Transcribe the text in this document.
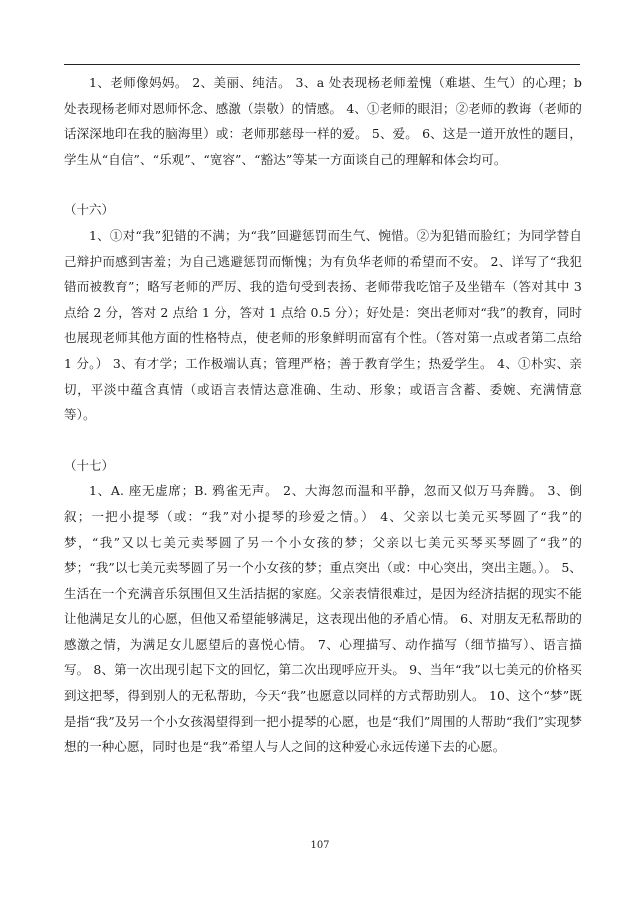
1、老师像妈妈。 2、美丽、纯洁。 3、a 处表现杨老师羞愧（难堪、生气）的心理；b 处表现杨老师对恩师怀念、感激（崇敬）的情感。 4、①老师的眼泪；②老师的教诲（老师的话深深地印在我的脑海里）或：老师那慈母一样的爱。 5、爱。 6、这是一道开放性的题目，学生从“自信”、“乐观”、“宽容”、“豁达”等某一方面谈自己的理解和体会均可。

（十六）

1、①对“我”犯错的不满；为“我”回避惩罚而生气、惋惜。②为犯错而脸红；为同学替自己辩护而感到害羞；为自己逃避惩罚而惭愧；为有负华老师的希望而不安。 2、详写了“我犯错而被教育”；略写老师的严厉、我的造句受到表扬、老师带我吃馆子及坐错车（答对其中 3 点给 2 分，答对 2 点给 1 分，答对 1 点给 0.5 分）；好处是：突出老师对“我”的教育，同时也展现老师其他方面的性格特点，使老师的形象鲜明而富有个性。（答对第一点或者第二点给 1 分。） 3、有才学；工作极端认真；管理严格；善于教育学生；热爱学生。 4、①朴实、亲切，平淡中蕴含真情（或语言表情达意准确、生动、形象；或语言含蓄、委婉、充满情意等）。

（十七）

1、A. 座无虚席；B. 鸦雀无声。 2、大海忽而温和平静，忽而又似万马奔腾。 3、倒叙；一把小提琴（或：“我”对小提琴的珍爱之情。） 4、父亲以七美元买琴圆了“我”的梦，“我”又以七美元卖琴圆了另一个小女孩的梦；父亲以七美元买琴买琴圆了“我”的梦；“我”以七美元卖琴圆了另一个小女孩的梦；重点突出（或：中心突出，突出主题。）。 5、生活在一个充满音乐氛围但又生活拮据的家庭。父亲表情很难过，是因为经济拮据的现实不能让他满足女儿的心愿，但他又希望能够满足，这表现出他的矛盾心情。 6、对朋友无私帮助的感激之情，为满足女儿愿望后的喜悦心情。 7、心理描写、动作描写（细节描写）、语言描写。 8、第一次出现引起下文的回忆，第二次出现呼应开头。 9、当年“我”以七美元的价格买到这把琴，得到别人的无私帮助，今天“我”也愿意以同样的方式帮助别人。 10、这个“梦”既是指“我”及另一个小女孩渴望得到一把小提琴的心愿，也是“我们”周围的人帮助“我们”实现梦想的一种心愿，同时也是“我”希望人与人之间的这种爱心永远传递下去的心愿。

107
